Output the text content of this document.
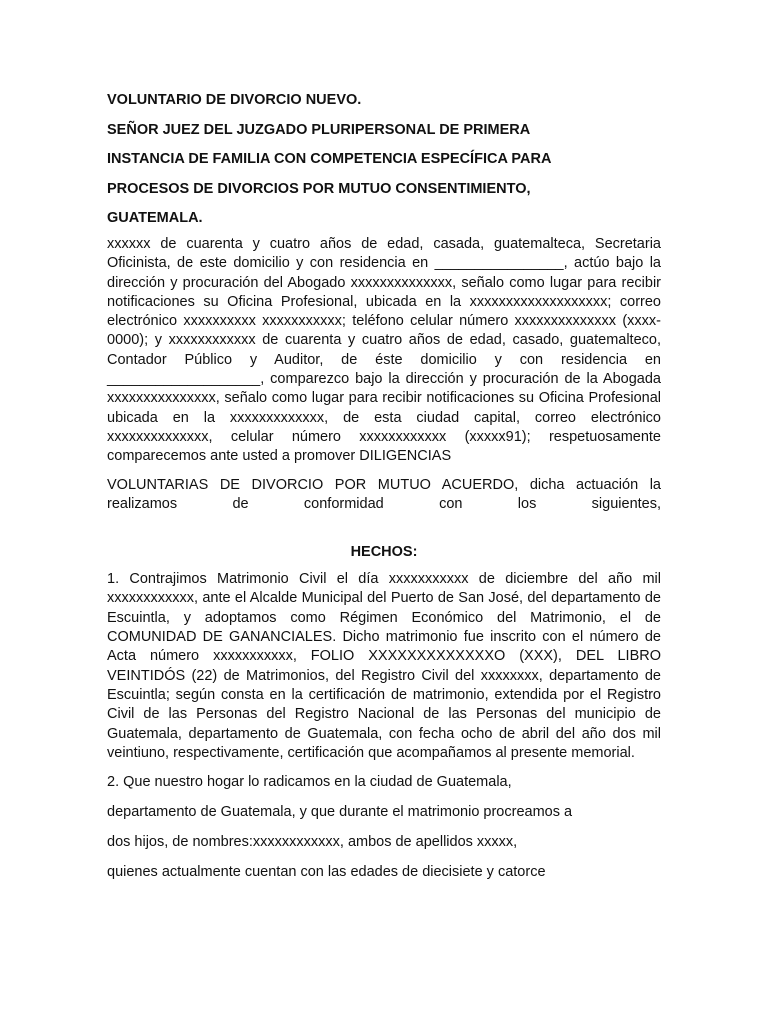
VOLUNTARIO DE DIVORCIO NUEVO.
SEÑOR JUEZ DEL JUZGADO PLURIPERSONAL DE PRIMERA
INSTANCIA DE FAMILIA CON COMPETENCIA ESPECÍFICA PARA
PROCESOS DE DIVORCIOS POR MUTUO CONSENTIMIENTO,
GUATEMALA.

xxxxxx de cuarenta y cuatro años de edad, casada, guatemalteca, Secretaria Oficinista, de este domicilio y con residencia en ________________, actúo bajo la dirección y procuración del Abogado xxxxxxxxxxxxxx, señalo como lugar para recibir notificaciones su Oficina Profesional, ubicada en la xxxxxxxxxxxxxxxxxxx; correo electrónico xxxxxxxxxx xxxxxxxxxxx; teléfono celular número xxxxxxxxxxxxxx (xxxx-0000); y xxxxxxxxxxxx de cuarenta y cuatro años de edad, casado, guatemalteco, Contador Público y Auditor, de éste domicilio y con residencia en ___________________, comparezco bajo la dirección y procuración de la Abogada xxxxxxxxxxxxxxx, señalo como lugar para recibir notificaciones su Oficina Profesional ubicada en la xxxxxxxxxxxxx, de esta ciudad capital, correo electrónico xxxxxxxxxxxxxx, celular número xxxxxxxxxxxx (xxxxx91); respetuosamente comparecemos ante usted a promover DILIGENCIAS

VOLUNTARIAS DE DIVORCIO POR MUTUO ACUERDO, dicha actuación la realizamos de conformidad con los siguientes,

HECHOS:

1. Contrajimos Matrimonio Civil el día xxxxxxxxxxx de diciembre del año mil xxxxxxxxxxxx, ante el Alcalde Municipal del Puerto de San José, del departamento de Escuintla, y adoptamos como Régimen Económico del Matrimonio, el de COMUNIDAD DE GANANCIALES. Dicho matrimonio fue inscrito con el número de Acta número xxxxxxxxxxx, FOLIO XXXXXXXXXXXXXO (XXX), DEL LIBRO VEINTIDÓS (22) de Matrimonios, del Registro Civil del xxxxxxxx, departamento de Escuintla; según consta en la certificación de matrimonio, extendida por el Registro Civil de las Personas del Registro Nacional de las Personas del municipio de Guatemala, departamento de Guatemala, con fecha ocho de abril del año dos mil veintiuno, respectivamente, certificación que acompañamos al presente memorial.

2. Que nuestro hogar lo radicamos en la ciudad de Guatemala,
departamento de Guatemala, y que durante el matrimonio procreamos a
dos hijos, de nombres:xxxxxxxxxxxx, ambos de apellidos xxxxx,
quienes actualmente cuentan con las edades de diecisiete y catorce
